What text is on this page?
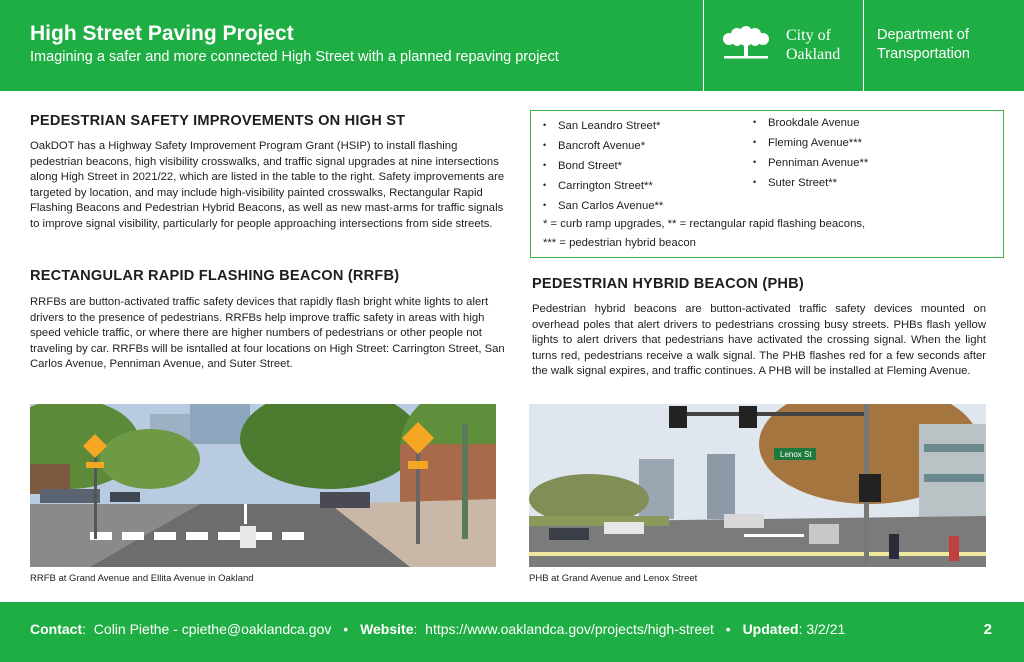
High Street Paving Project
Imagining a safer and more connected High Street with a planned repaving project
City of
Oakland
Department of
Transportation
PEDESTRIAN SAFETY IMPROVEMENTS ON HIGH ST

OakDOT has a Highway Safety Improvement Program Grant (HSIP) to install flashing pedestrian beacons, high visibility crosswalks, and traffic signal upgrades at nine intersections along High Street in 2021/22, which are listed in the table to the right. Safety improvements are targeted by location, and may include high-visibility painted crosswalks, Rectangular Rapid Flashing Beacons and Pedestrian Hybrid Beacons, as well as new mast-arms for traffic signals to improve signal visibility, particularly for people approaching intersections from side streets.

RECTANGULAR RAPID FLASHING BEACON (RRFB)

RRFBs are button-activated traffic safety devices that rapidly flash bright white lights to alert drivers to the presence of pedestrians. RRFBs help improve traffic safety in areas with high speed vehicle traffic, or where there are higher numbers of pedestrians or other people not traveling by car. RRFBs will be isntalled at four locations on High Street: Carrington Street, San Carlos Avenue, Penniman Avenue, and Suter Street.

RRFB at Grand Avenue and Ellita Avenue in Oakland
• San Leandro Street*
• Bancroft Avenue*
• Bond Street*
• Carrington Street**
• San Carlos Avenue**
• Brookdale Avenue
• Fleming Avenue***
• Penniman Avenue**
• Suter Street**
* = curb ramp upgrades, ** = rectangular rapid flashing beacons,
*** = pedestrian hybrid beacon
PEDESTRIAN HYBRID BEACON (PHB)

Pedestrian hybrid beacons are button-activated traffic safety devices mounted on overhead poles that alert drivers to pedestrians crossing busy streets. PHBs flash yellow lights to alert drivers that pedestrians have activated the crossing signal. When the light turns red, pedestrians receive a walk signal. The PHB flashes red for a few seconds after the walk signal expires, and traffic continues. A PHB will be installed at Fleming Avenue.

Lenox St
PHB at Grand Avenue and Lenox Street
Contact:  Colin Piethe - cpiethe@oaklandca.gov • Website:  https://www.oaklandca.gov/projects/high-street • Updated: 3/2/21	2
